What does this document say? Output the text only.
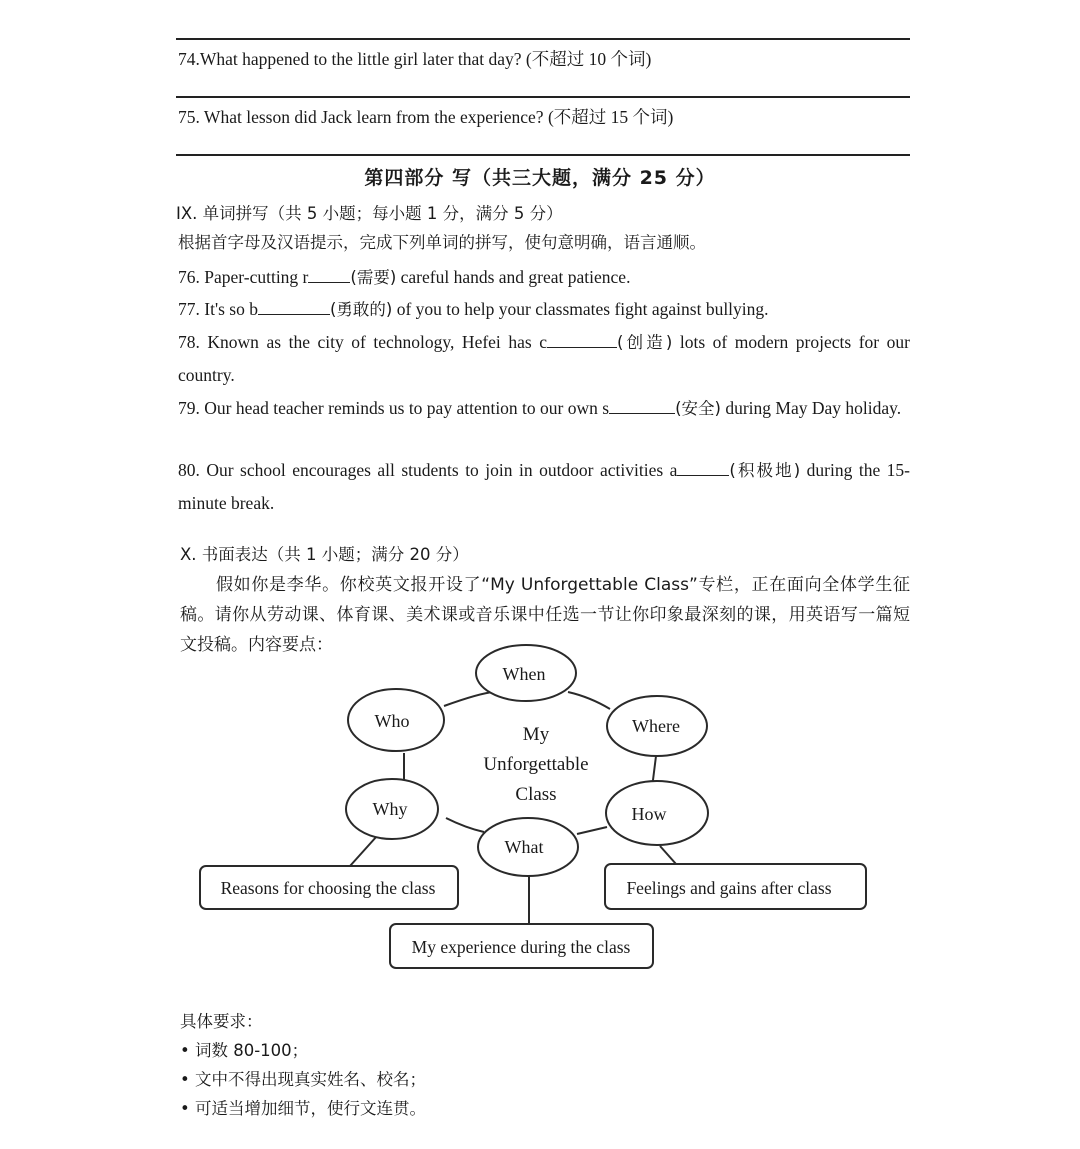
74.What happened to the little girl later that day? (不超过 10 个词)
75. What lesson did Jack learn from the experience? (不超过 15 个词)
第四部分 写（共三大题，满分 25 分）
IX. 单词拼写（共 5 小题；每小题 1 分，满分 5 分）
根据首字母及汉语提示，完成下列单词的拼写，使句意明确，语言通顺。
76. Paper-cutting r	(需要) careful hands and great patience.
77. It's so b	(勇敢的) of you to help your classmates fight against bullying.
78. Known as the city of technology, Hefei has c	(创造) lots of modern projects for our country.
79. Our head teacher reminds us to pay attention to our own s	(安全) during May Day holiday.
80. Our school encourages all students to join in outdoor activities a	(积极地) during the 15-minute break.
X. 书面表达（共 1 小题；满分 20 分）
假如你是李华。你校英文报开设了“My Unforgettable Class”专栏，正在面向全体学生征稿。请你从劳动课、体育课、美术课或音乐课中任选一节让你印象最深刻的课，用英语写一篇短文投稿。内容要点：
My
Unforgettable
Class
When
Who	Where
Why	How
What
Reasons for choosing the class	Feelings and gains after class
My experience during the class
具体要求：
• 词数 80-100；
• 文中不得出现真实姓名、校名；
• 可适当增加细节，使行文连贯。
